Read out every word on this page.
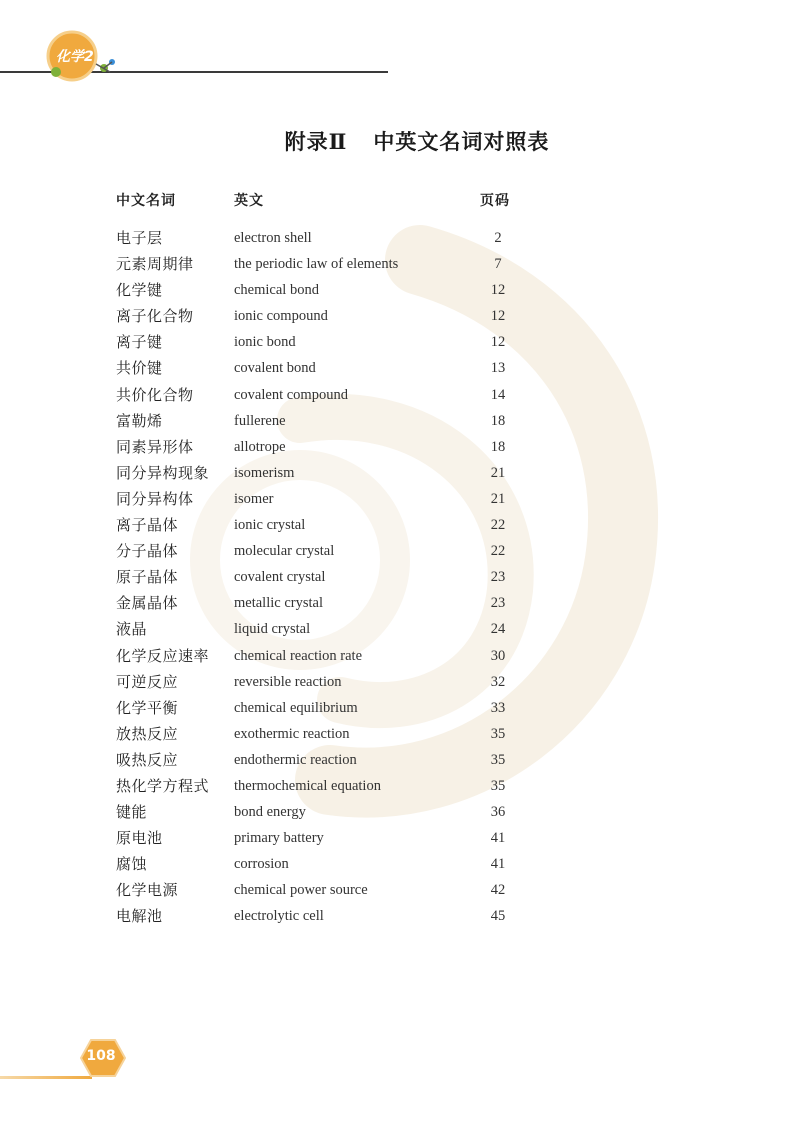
化学2
附录Ⅱ 中英文名词对照表
中文名词	英文	页码
电子层	electron shell	2
元素周期律	the periodic law of elements	7
化学键	chemical bond	12
离子化合物	ionic compound	12
离子键	ionic bond	12
共价键	covalent bond	13
共价化合物	covalent compound	14
富勒烯	fullerene	18
同素异形体	allotrope	18
同分异构现象 isomerism	21
同分异构体	isomer	21
离子晶体	ionic crystal	22
分子晶体	molecular crystal	22
原子晶体	covalent crystal	23
金属晶体	metallic crystal	23
液晶	liquid crystal	24
化学反应速率 chemical reaction rate	30
可逆反应	reversible reaction	32
化学平衡	chemical equilibrium	33
放热反应	exothermic reaction	35
吸热反应	endothermic reaction	35
热化学方程式 thermochemical equation	35
键能	bond energy	36
原电池	primary battery	41
腐蚀	corrosion	41
化学电源	chemical power source	42
电解池	electrolytic cell	45
108
